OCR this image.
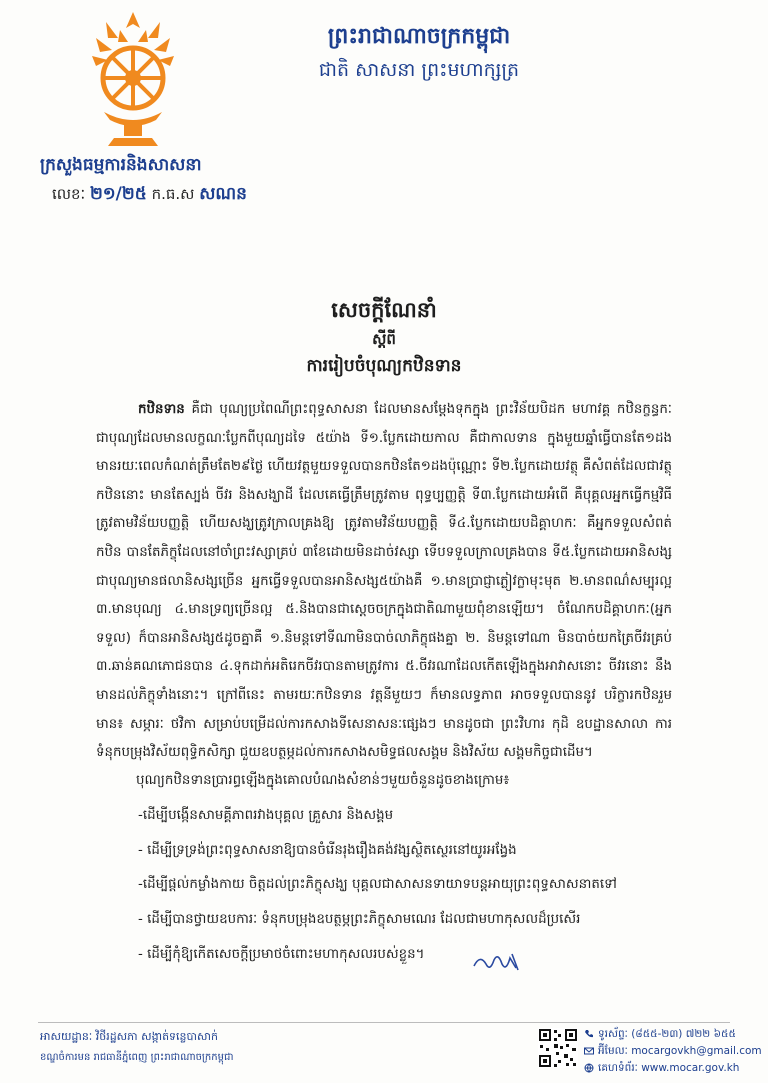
ព្រះរាជាណាចក្រកម្ពុជា
ជាតិ សាសនា ព្រះមហាក្សត្រ
ក្រសួងធម្មការនិងសាសនា
លេខៈ ២១/២៥ ក.ធ.ស សណន
សេចក្តីណែនាំ
ស្តីពី
ការរៀបចំបុណ្យកឋិនទាន
កឋិនទាន គឺជា បុណ្យប្រពៃណីព្រះពុទ្ធសាសនា ដែលមានសម្តែងទុកក្នុង ព្រះវិន័យបិដក មហាវគ្គ កឋិនក្ខន្ធកៈ ជាបុណ្យដែលមានលក្ខណៈប្លែកពីបុណ្យដទៃ ៥យ៉ាង ទី១.ប្លែកដោយកាល គឺជាកាលទាន ក្នុងមួយឆ្នាំធ្វើបានតែ១ដង មានរយៈពេលកំណត់ត្រឹមតែ២៩ថ្ងៃ ហើយវត្តមួយទទួលបានកឋិនតែ១ដងប៉ុណ្ណោះ ទី២.ប្លែកដោយវត្ថុ គឺសំពត់ដែលជាវត្ថុកឋិននោះ មានតែស្បង់ ចីវរ និងសង្ឃាដី ដែលគេធ្វើត្រឹមត្រូវតាម ពុទ្ធប្បញ្ញត្តិ ទី៣.ប្លែកដោយអំពើ គឺបុគ្គលអ្នកធ្វើកម្មវិធីត្រូវតាមវិន័យបញ្ញត្តិ ហើយសង្ឃត្រូវក្រាលគ្រងឱ្យ ត្រូវតាមវិន័យបញ្ញត្តិ ទី៤.ប្លែកដោយបដិគ្គាហកៈ គឺអ្នកទទួលសំពត់កឋិន បានតែភិក្ខុដែលនៅចាំព្រះវស្សាគ្រប់ ៣ខែដោយមិនដាច់វស្សា ទើបទទួលក្រាលគ្រងបាន ទី៥.ប្លែកដោយអានិសង្ស ជាបុណ្យមានផលានិសង្សច្រើន អ្នកធ្វើទទួលបានអានិសង្ស៥យ៉ាងគឺ ១.មានប្រាជ្ញាភ្លៀវក្លាមុះមុត ២.មានពណ៌សម្បុរល្អ ៣.មានបុណ្យ ៤.មានទ្រព្យច្រើនល្អ ៥.និងបានជាស្ដេចចក្រក្នុងជាតិណាមួយពុំខានឡើយ។ ចំណែកបដិគ្គាហកៈ(អ្នកទទួល) ក៏បានអានិសង្ស៥ដូចគ្នាគឺ ១.និមន្តទៅទីណាមិនបាច់លាភិក្ខុផងគ្នា ២. និមន្តទៅណា មិនបាច់យកត្រៃចីវរគ្រប់ ៣.ឆាន់គណភោជនបាន ៤.ទុកដាក់អតិរេកចីវរបានតាមត្រូវការ ៥.ចីវរណាដែលកើតឡើងក្នុងអាវាសនោះ ចីវរនោះ នឹងមានដល់ភិក្ខុទាំងនោះ។ ក្រៅពីនេះ តាមរយៈកឋិនទាន វត្តនីមួយៗ ក៏មានលទ្ធភាព អាចទទួលបាននូវ បរិក្ខារកឋិនរួមមាន៖ សម្ភារៈ ថវិកា សម្រាប់បម្រើដល់ការកសាងទីសេនាសនៈផ្សេងៗ មានដូចជា ព្រះវិហារ កុដិ ឧបដ្ឋានសាលា ការទំនុកបម្រុងវិស័យពុទ្ធិកសិក្សា ជួយឧបត្ថម្ភដល់ការកសាងសមិទ្ធផលសង្គម និងវិស័យ សង្គមកិច្ចជាដើម។
បុណ្យកឋិនទានប្រារព្ធឡើងក្នុងគោលបំណងសំខាន់ៗមួយចំនួនដូចខាងក្រោម៖
-ដើម្បីបង្កើនសាមគ្គីភាពរវាងបុគ្គល គ្រួសារ និងសង្គម
- ដើម្បីទ្រទ្រង់ព្រះពុទ្ធសាសនាឱ្យបានចំរើនរុងរឿងគង់វង្សស្ថិតស្ថេរនៅយូរអង្វែង
-ដើម្បីផ្ដល់កម្លាំងកាយ ចិត្តដល់ព្រះភិក្ខុសង្ឃ បុគ្គលជាសាសនទាយាទបន្តអាយុព្រះពុទ្ធសាសនាតទៅ
- ដើម្បីបានថ្វាយឧបការៈ ទំនុកបម្រុងឧបត្ថម្ភព្រះភិក្ខុសាមណេរ ដែលជាមហាកុសលដ៏ប្រសើរ
- ដើម្បីកុំឱ្យកើតសេចក្ដីប្រមាថចំពោះមហាកុសលរបស់ខ្លួន។
អាសយដ្ឋានៈ វិថីរដ្ឋសភា សង្កាត់ទន្លេបាសាក់
ខណ្ឌចំការមន រាជធានីភ្នំពេញ ព្រះរាជាណាចក្រកម្ពុជា
ទូរស័ព្ទៈ (៨៥៥-២៣) ៧២២ ៦៥៥
អ៊ីមែលៈ mocargovkh@gmail.com
គេហទំព័រៈ www.mocar.gov.kh
